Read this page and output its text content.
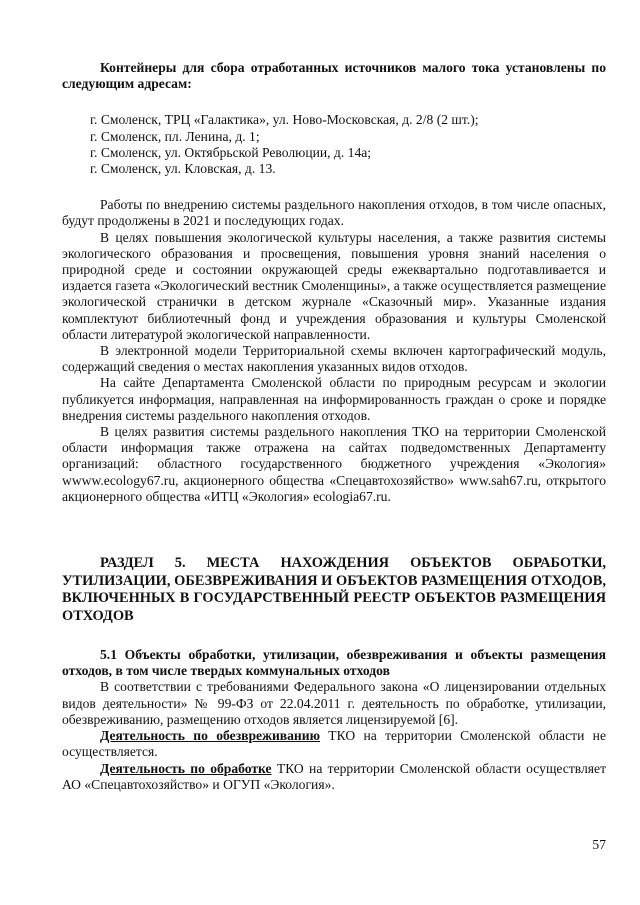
Контейнеры для сбора отработанных источников малого тока установлены по следующим адресам:

г. Смоленск, ТРЦ «Галактика», ул. Ново-Московская, д. 2/8 (2 шт.);

г. Смоленск, пл. Ленина, д. 1;

г. Смоленск, ул. Октябрьской Революции, д. 14а;

г. Смоленск, ул. Кловская, д. 13.

Работы по внедрению системы раздельного накопления отходов, в том числе опасных, будут продолжены в 2021 и последующих годах.

В целях повышения экологической культуры населения, а также развития системы экологического образования и просвещения, повышения уровня знаний населения о природной среде и состоянии окружающей среды ежеквартально подготавливается и издается газета «Экологический вестник Смоленщины», а также осуществляется размещение экологической странички в детском журнале «Сказочный мир». Указанные издания комплектуют библиотечный фонд и учреждения образования и культуры Смоленской области литературой экологической направленности.

В электронной модели Территориальной схемы включен картографический модуль, содержащий сведения о местах накопления указанных видов отходов.

На сайте Департамента Смоленской области по природным ресурсам и экологии публикуется информация, направленная на информированность граждан о сроке и порядке внедрения системы раздельного накопления отходов.

В целях развития системы раздельного накопления ТКО на территории Смоленской области информация также отражена на сайтах подведомственных Департаменту организаций: областного государственного бюджетного учреждения «Экология» wwww.ecology67.ru, акционерного общества «Спецавтохозяйство» www.sah67.ru, открытого акционерного общества «ИТЦ «Экология» ecologia67.ru.

РАЗДЕЛ 5. МЕСТА НАХОЖДЕНИЯ ОБЪЕКТОВ ОБРАБОТКИ, УТИЛИЗАЦИИ, ОБЕЗВРЕЖИВАНИЯ И ОБЪЕКТОВ РАЗМЕЩЕНИЯ ОТХОДОВ, ВКЛЮЧЕННЫХ В ГОСУДАРСТВЕННЫЙ РЕЕСТР ОБЪЕКТОВ РАЗМЕЩЕНИЯ ОТХОДОВ

5.1 Объекты обработки, утилизации, обезвреживания и объекты размещения отходов, в том числе твердых коммунальных отходов

В соответствии с требованиями Федерального закона «О лицензировании отдельных видов деятельности» № 99-ФЗ от 22.04.2011 г. деятельность по обработке, утилизации, обезвреживанию, размещению отходов является лицензируемой [6].

Деятельность по обезвреживанию ТКО на территории Смоленской области не осуществляется.

Деятельность по обработке ТКО на территории Смоленской области осуществляет АО «Спецавтохозяйство» и ОГУП «Экология».

57
